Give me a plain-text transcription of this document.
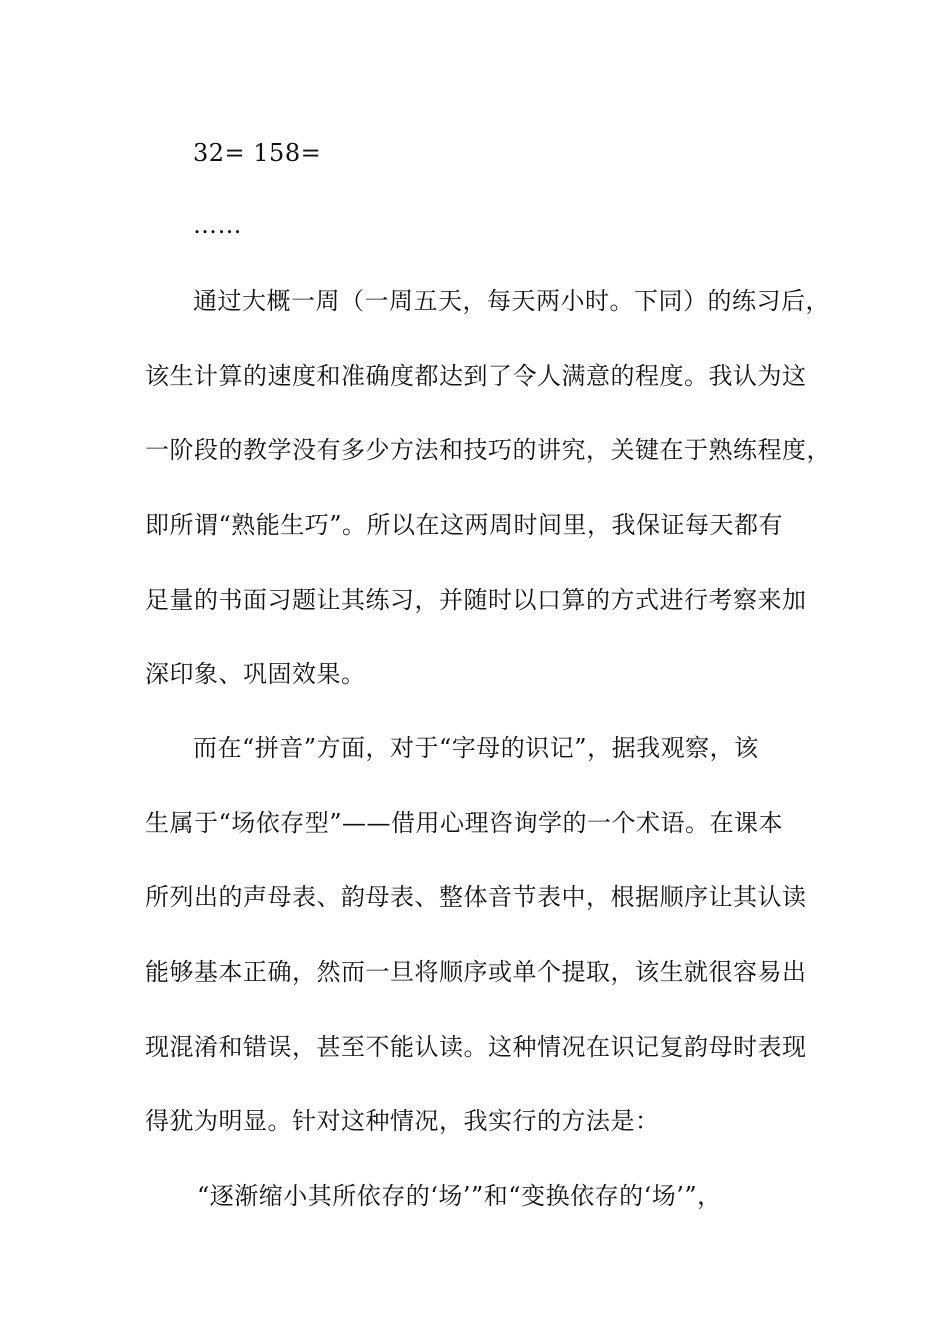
32= 158=
……
通过大概一周（一周五天，每天两小时。下同）的练习后，
该生计算的速度和准确度都达到了令人满意的程度。我认为这
一阶段的教学没有多少方法和技巧的讲究，关键在于熟练程度，
即所谓“熟能生巧”。所以在这两周时间里，我保证每天都有
足量的书面习题让其练习，并随时以口算的方式进行考察来加
深印象、巩固效果。
而在“拼音”方面，对于“字母的识记”，据我观察，该
生属于“场依存型”——借用心理咨询学的一个术语。在课本
所列出的声母表、韵母表、整体音节表中，根据顺序让其认读
能够基本正确，然而一旦将顺序或单个提取，该生就很容易出
现混淆和错误，甚至不能认读。这种情况在识记复韵母时表现
得犹为明显。针对这种情况，我实行的方法是：
“逐渐缩小其所依存的‘场’”和“变换依存的‘场’”，
